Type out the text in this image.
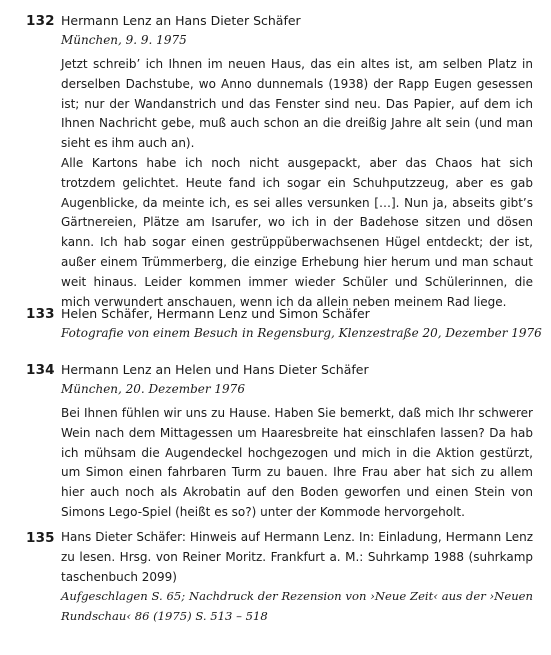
132 Hermann Lenz an Hans Dieter Schäfer
München, 9. 9. 1975

Jetzt schreib’ ich Ihnen im neuen Haus, das ein altes ist, am selben Platz in derselben Dachstube, wo Anno dunnemals (1938) der Rapp Eugen gesessen ist; nur der Wandanstrich und das Fenster sind neu. Das Papier, auf dem ich Ihnen Nachricht gebe, muß auch schon an die dreißig Jahre alt sein (und man sieht es ihm auch an).

Alle Kartons habe ich noch nicht ausgepackt, aber das Chaos hat sich trotzdem gelichtet. Heute fand ich sogar ein Schuhputzzeug, aber es gab Augenblicke, da meinte ich, es sei alles versunken […]. Nun ja, abseits gibt’s Gärtnereien, Plätze am Isarufer, wo ich in der Badehose sitzen und dösen kann. Ich hab sogar einen gestrüppüberwachsenen Hügel entdeckt; der ist, außer einem Trümmerberg, die einzige Erhebung hier herum und man schaut weit hinaus. Leider kommen immer wieder Schüler und Schülerinnen, die mich verwundert anschauen, wenn ich da allein neben meinem Rad liege.

133 Helen Schäfer, Hermann Lenz und Simon Schäfer
Fotografie von einem Besuch in Regensburg, Klenzestraße 20, Dezember 1976
134 Hermann Lenz an Helen und Hans Dieter Schäfer
München, 20. Dezember 1976

Bei Ihnen fühlen wir uns zu Hause. Haben Sie bemerkt, daß mich Ihr schwerer Wein nach dem Mittagessen um Haaresbreite hat einschlafen lassen? Da hab ich mühsam die Augendeckel hochgezogen und mich in die Aktion gestürzt, um Simon einen fahrbaren Turm zu bauen. Ihre Frau aber hat sich zu allem hier auch noch als Akrobatin auf den Boden geworfen und einen Stein von Simons Lego-Spiel (heißt es so?) unter der Kommode hervorgeholt.

135 Hans Dieter Schäfer: Hinweis auf Hermann Lenz. In: Einladung, Hermann Lenz zu lesen. Hrsg. von Reiner Moritz. Frankfurt a. M.: Suhrkamp 1988 (suhrkamp taschenbuch 2099)
Aufgeschlagen S. 65; Nachdruck der Rezension von ›Neue Zeit‹ aus der ›Neuen Rundschau‹ 86 (1975) S. 513 – 518
